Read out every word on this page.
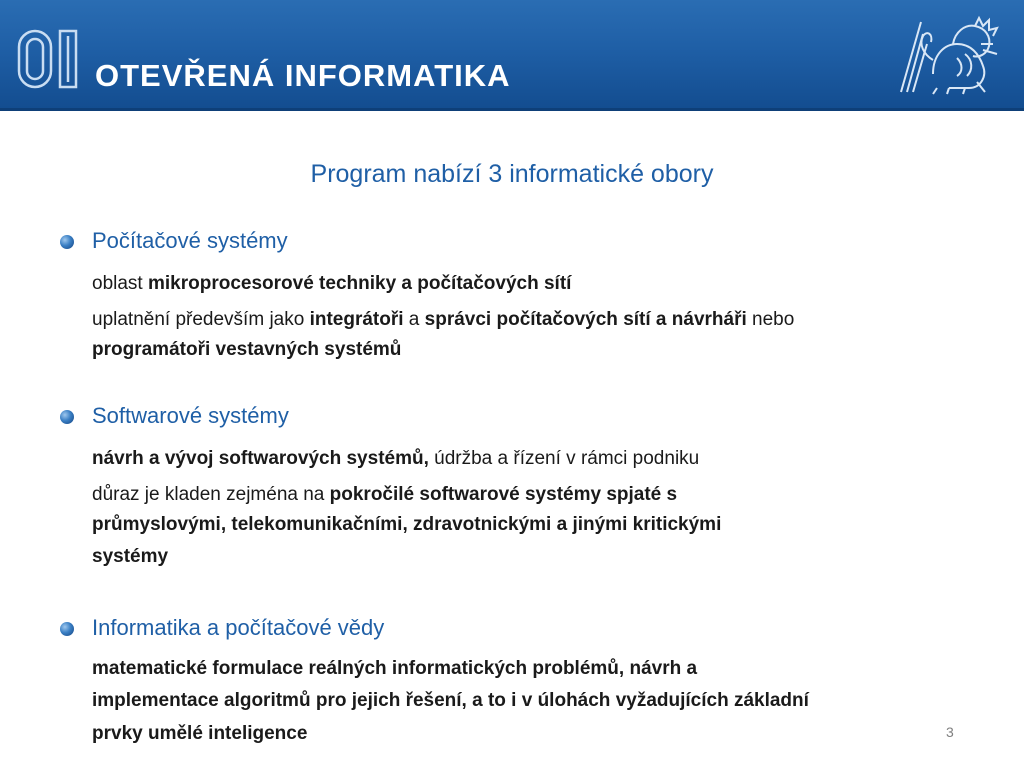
OTEVŘENÁ INFORMATIKA
Program nabízí 3 informatické obory
Počítačové systémy
oblast mikroprocesorové techniky a počítačových sítí
uplatnění především jako integrátoři a správci počítačových sítí a návrháři nebo
programátoři vestavných systémů
Softwarové systémy
návrh a vývoj softwarových systémů, údržba a řízení v rámci podniku
důraz je kladen zejména na pokročilé softwarové systémy spjaté s
průmyslovými, telekomunikačními, zdravotnickými a jinými kritickými
systémy
Informatika a počítačové vědy
matematické formulace reálných informatických problémů, návrh a
implementace algoritmů pro jejich řešení, a to i v úlohách vyžadujících základní
prvky umělé inteligence	3
